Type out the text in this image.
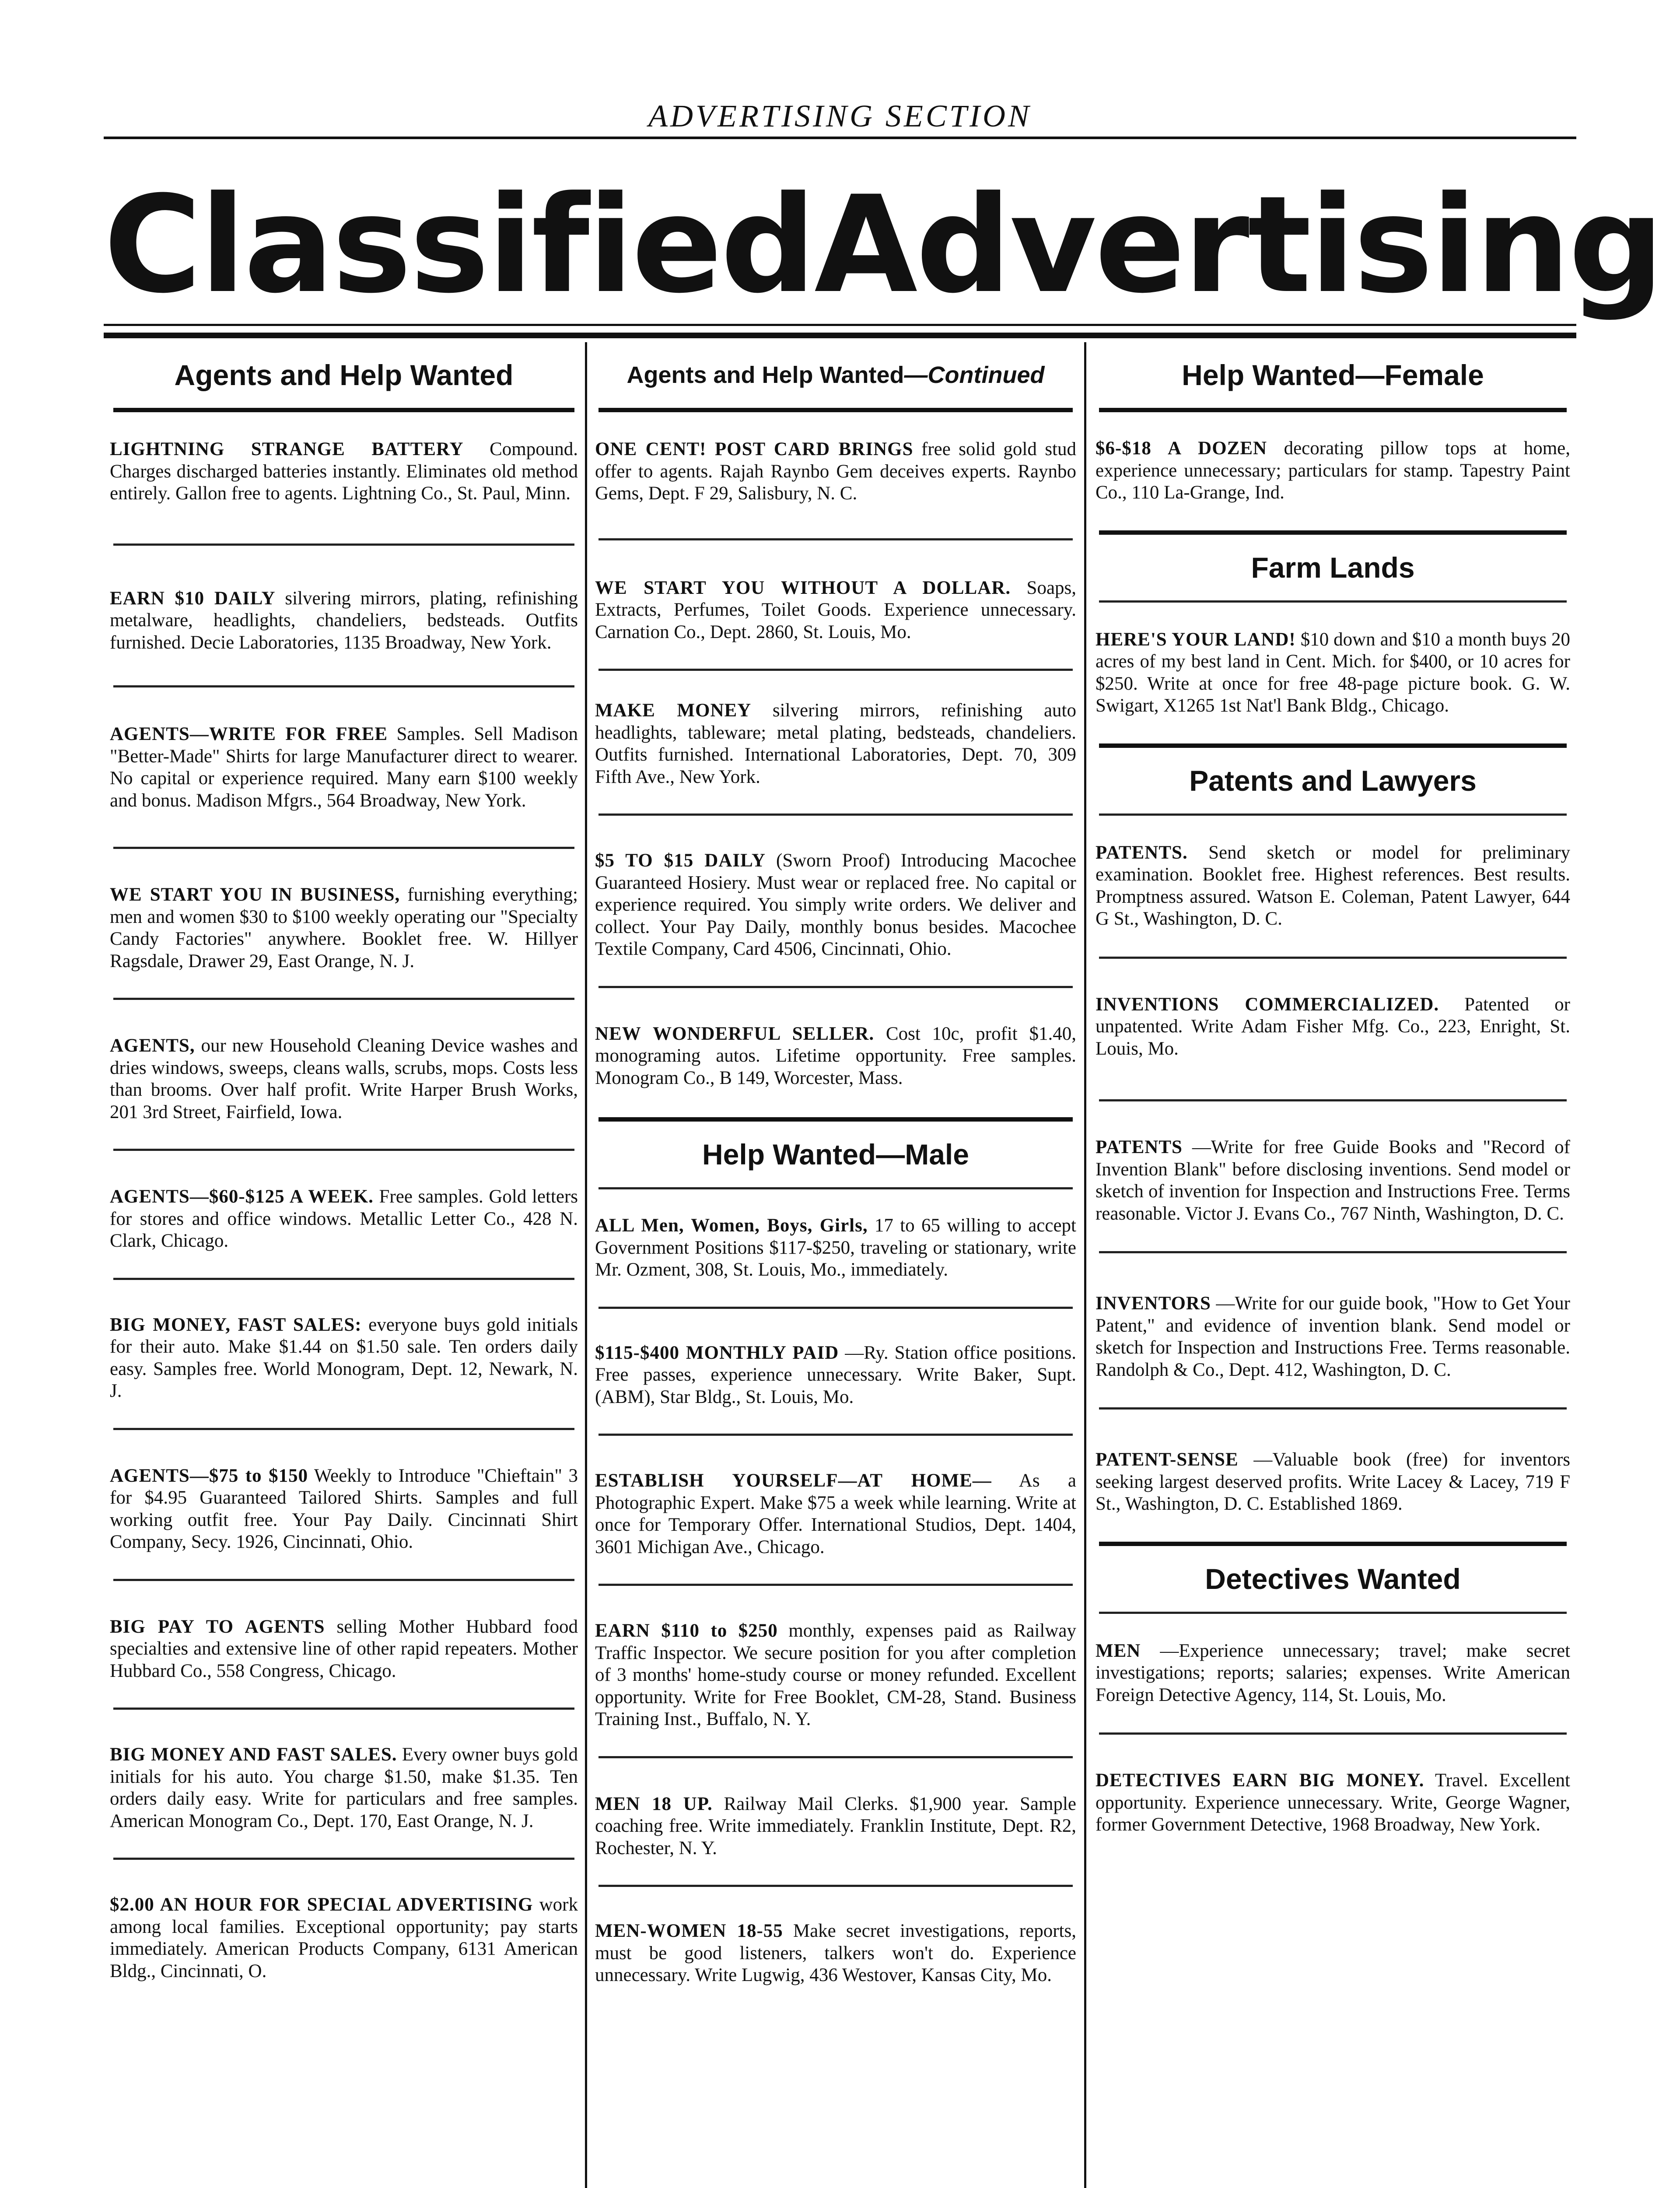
ADVERTISING SECTION
Classified Advertising
Agents and Help Wanted
LIGHTNING STRANGE BATTERY Compound. Charges discharged batteries instantly. Eliminates old method entirely. Gallon free to agents. Lightning Co., St. Paul, Minn.
EARN $10 DAILY silvering mirrors, plating, refinishing metalware, headlights, chandeliers, bedsteads. Outfits furnished. Decie Laboratories, 1135 Broadway, New York.
AGENTS—WRITE FOR FREE Samples. Sell Madison "Better-Made" Shirts for large Manufacturer direct to wearer. No capital or experience required. Many earn $100 weekly and bonus. Madison Mfgrs., 564 Broadway, New York.
WE START YOU IN BUSINESS, furnishing everything; men and women $30 to $100 weekly operating our "Specialty Candy Factories" anywhere. Booklet free. W. Hillyer Ragsdale, Drawer 29, East Orange, N. J.
AGENTS, our new Household Cleaning Device washes and dries windows, sweeps, cleans walls, scrubs, mops. Costs less than brooms. Over half profit. Write Harper Brush Works, 201 3rd Street, Fairfield, Iowa.
AGENTS—$60-$125 A WEEK. Free samples. Gold letters for stores and office windows. Metallic Letter Co., 428 N. Clark, Chicago.
BIG MONEY, FAST SALES: everyone buys gold initials for their auto. Make $1.44 on $1.50 sale. Ten orders daily easy. Samples free. World Monogram, Dept. 12, Newark, N. J.
AGENTS—$75 to $150 Weekly to Introduce "Chieftain" 3 for $4.95 Guaranteed Tailored Shirts. Samples and full working outfit free. Your Pay Daily. Cincinnati Shirt Company, Secy. 1926, Cincinnati, Ohio.
BIG PAY TO AGENTS selling Mother Hubbard food specialties and extensive line of other rapid repeaters. Mother Hubbard Co., 558 Congress, Chicago.
BIG MONEY AND FAST SALES. Every owner buys gold initials for his auto. You charge $1.50, make $1.35. Ten orders daily easy. Write for particulars and free samples. American Monogram Co., Dept. 170, East Orange, N. J.
$2.00 AN HOUR FOR SPECIAL ADVERTISING work among local families. Exceptional opportunity; pay starts immediately. American Products Company, 6131 American Bldg., Cincinnati, O.
Agents and Help Wanted—Continued
ONE CENT! POST CARD BRINGS free solid gold stud offer to agents. Rajah Raynbo Gem deceives experts. Raynbo Gems, Dept. F 29, Salisbury, N. C.
WE START YOU WITHOUT A DOLLAR. Soaps, Extracts, Perfumes, Toilet Goods. Experience unnecessary. Carnation Co., Dept. 2860, St. Louis, Mo.
MAKE MONEY silvering mirrors, refinishing auto headlights, tableware; metal plating, bedsteads, chandeliers. Outfits furnished. International Laboratories, Dept. 70, 309 Fifth Ave., New York.
$5 TO $15 DAILY (Sworn Proof) Introducing Macochee Guaranteed Hosiery. Must wear or replaced free. No capital or experience required. You simply write orders. We deliver and collect. Your Pay Daily, monthly bonus besides. Macochee Textile Company, Card 4506, Cincinnati, Ohio.
NEW WONDERFUL SELLER. Cost 10c, profit $1.40, monograming autos. Lifetime opportunity. Free samples. Monogram Co., B 149, Worcester, Mass.
Help Wanted—Male
ALL Men, Women, Boys, Girls, 17 to 65 willing to accept Government Positions $117-$250, traveling or stationary, write Mr. Ozment, 308, St. Louis, Mo., immediately.
$115-$400 MONTHLY PAID —Ry. Station office positions. Free passes, experience unnecessary. Write Baker, Supt. (ABM), Star Bldg., St. Louis, Mo.
ESTABLISH YOURSELF—AT HOME— As a Photographic Expert. Make $75 a week while learning. Write at once for Temporary Offer. International Studios, Dept. 1404, 3601 Michigan Ave., Chicago.
EARN $110 to $250 monthly, expenses paid as Railway Traffic Inspector. We secure position for you after completion of 3 months' home-study course or money refunded. Excellent opportunity. Write for Free Booklet, CM-28, Stand. Business Training Inst., Buffalo, N. Y.
MEN 18 UP. Railway Mail Clerks. $1,900 year. Sample coaching free. Write immediately. Franklin Institute, Dept. R2, Rochester, N. Y.
MEN-WOMEN 18-55 Make secret investigations, reports, must be good listeners, talkers won't do. Experience unnecessary. Write Lugwig, 436 Westover, Kansas City, Mo.
Help Wanted—Female
$6-$18 A DOZEN decorating pillow tops at home, experience unnecessary; particulars for stamp. Tapestry Paint Co., 110 La-Grange, Ind.
Farm Lands
HERE'S YOUR LAND! $10 down and $10 a month buys 20 acres of my best land in Cent. Mich. for $400, or 10 acres for $250. Write at once for free 48-page picture book. G. W. Swigart, X1265 1st Nat'l Bank Bldg., Chicago.
Patents and Lawyers
PATENTS. Send sketch or model for preliminary examination. Booklet free. Highest references. Best results. Promptness assured. Watson E. Coleman, Patent Lawyer, 644 G St., Washington, D. C.
INVENTIONS COMMERCIALIZED. Patented or unpatented. Write Adam Fisher Mfg. Co., 223, Enright, St. Louis, Mo.
PATENTS —Write for free Guide Books and "Record of Invention Blank" before disclosing inventions. Send model or sketch of invention for Inspection and Instructions Free. Terms reasonable. Victor J. Evans Co., 767 Ninth, Washington, D. C.
INVENTORS —Write for our guide book, "How to Get Your Patent," and evidence of invention blank. Send model or sketch for Inspection and Instructions Free. Terms reasonable. Randolph & Co., Dept. 412, Washington, D. C.
PATENT-SENSE —Valuable book (free) for inventors seeking largest deserved profits. Write Lacey & Lacey, 719 F St., Washington, D. C. Established 1869.
Detectives Wanted
MEN —Experience unnecessary; travel; make secret investigations; reports; salaries; expenses. Write American Foreign Detective Agency, 114, St. Louis, Mo.
DETECTIVES EARN BIG MONEY. Travel. Excellent opportunity. Experience unnecessary. Write, George Wagner, former Government Detective, 1968 Broadway, New York.
